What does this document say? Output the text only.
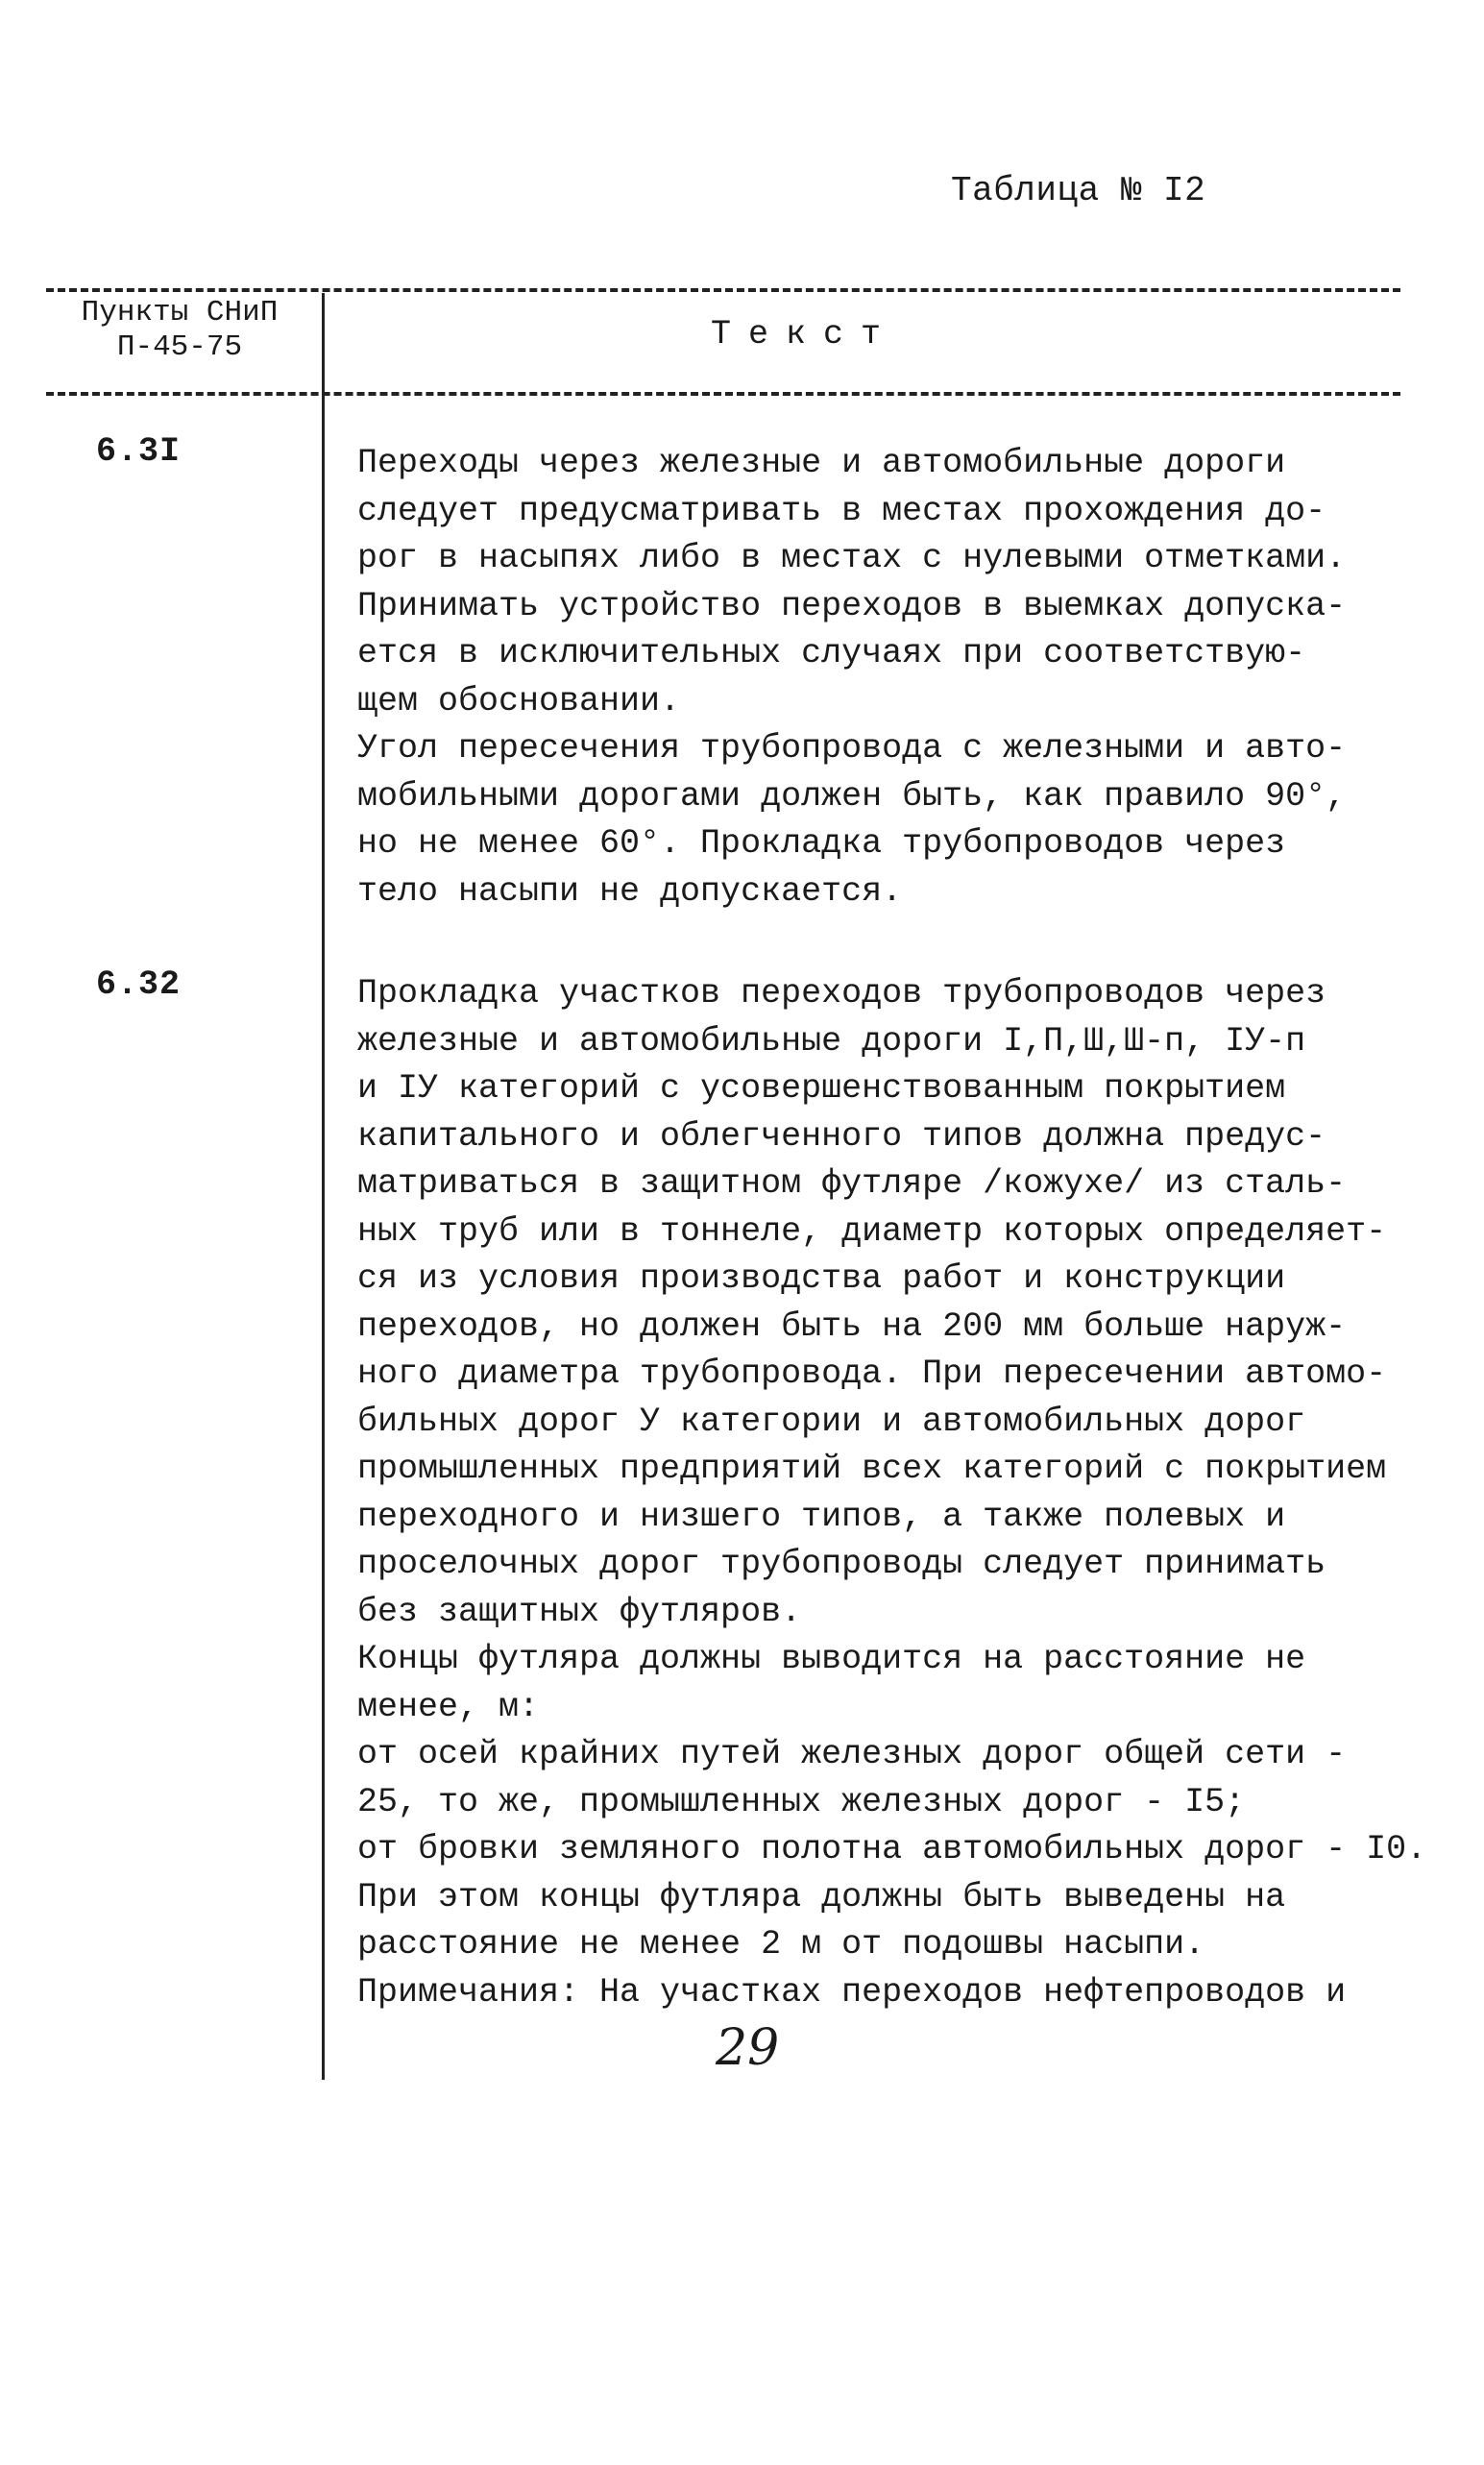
Таблица № I2
Пункты СНиП
П-45-75	Текст
6.3I	Переходы через железные и автомобильные дороги
следует предусматривать в местах прохождения до-
рог в насыпях либо в местах с нулевыми отметками.
Принимать устройство переходов в выемках допуска-
ется в исключительных случаях при соответствую-
щем обосновании.
Угол пересечения трубопровода с железными и авто-
мобильными дорогами должен быть, как правило 90°,
но не менее 60°. Прокладка трубопроводов через
тело насыпи не допускается.
6.32	Прокладка участков переходов трубопроводов через
железные и автомобильные дороги I,П,Ш,Ш-п, IУ-п
и IУ категорий с усовершенствованным покрытием
капитального и облегченного типов должна предус-
матриваться в защитном футляре /кожухе/ из сталь-
ных труб или в тоннеле, диаметр которых определяет-
ся из условия производства работ и конструкции
переходов, но должен быть на 200 мм больше наруж-
ного диаметра трубопровода. При пересечении автомо-
бильных дорог У категории и автомобильных дорог
промышленных предприятий всех категорий с покрытием
переходного и низшего типов, а также полевых и
проселочных дорог трубопроводы следует принимать
без защитных футляров.
Концы футляра должны выводится на расстояние не
менее, м:
от осей крайних путей железных дорог общей сети -
25, то же, промышленных железных дорог - I5;
от бровки земляного полотна автомобильных дорог - I0.
При этом концы футляра должны быть выведены на
расстояние не менее 2 м от подошвы насыпи.
Примечания: На участках переходов нефтепроводов и
29
